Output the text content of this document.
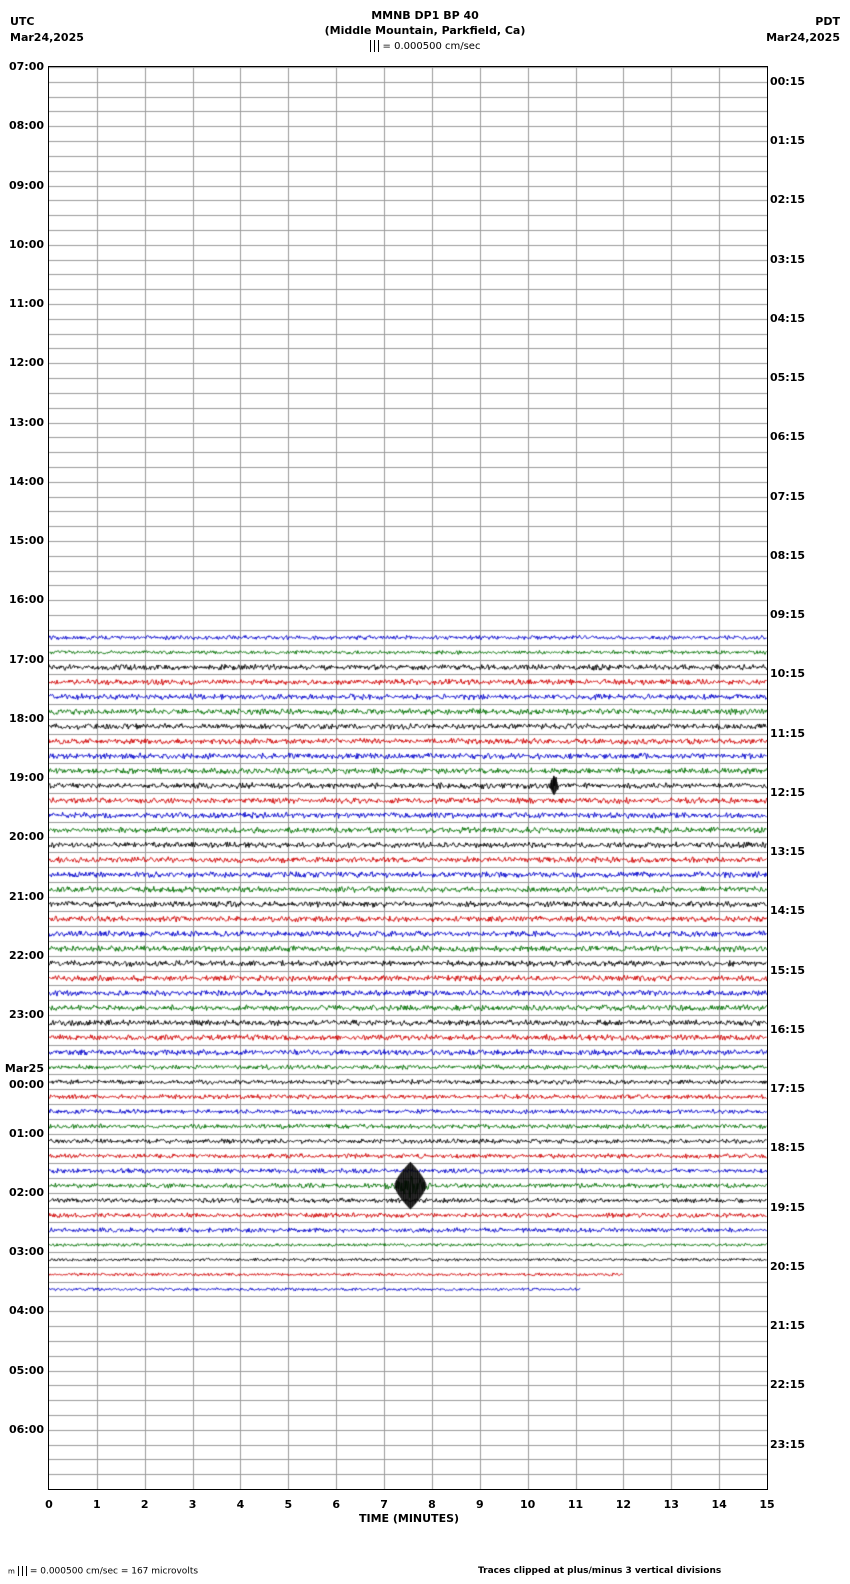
UTC
Mar24,2025
MMNB DP1 BP 40
(Middle Mountain, Parkfield, Ca)
PDT
Mar24,2025
= 0.000500 cm/sec
07:00
08:00
09:00
10:00
11:00
12:00
13:00
14:00
15:00
16:00
17:00
18:00
19:00
20:00
21:00
22:00
23:00
Mar25
00:00
01:00
02:00
03:00
04:00
05:00
06:00
00:15
01:15
02:15
03:15
04:15
05:15
06:15
07:15
08:15
09:15
10:15
11:15
12:15
13:15
14:15
15:15
16:15
17:15
18:15
19:15
20:15
21:15
22:15
23:15
0	1	2	3	4	5	6	7	8	9	10	11	12	13	14	15
TIME (MINUTES)
m = 0.000500 cm/sec = 167 microvolts	Traces clipped at plus/minus 3 vertical divisions
